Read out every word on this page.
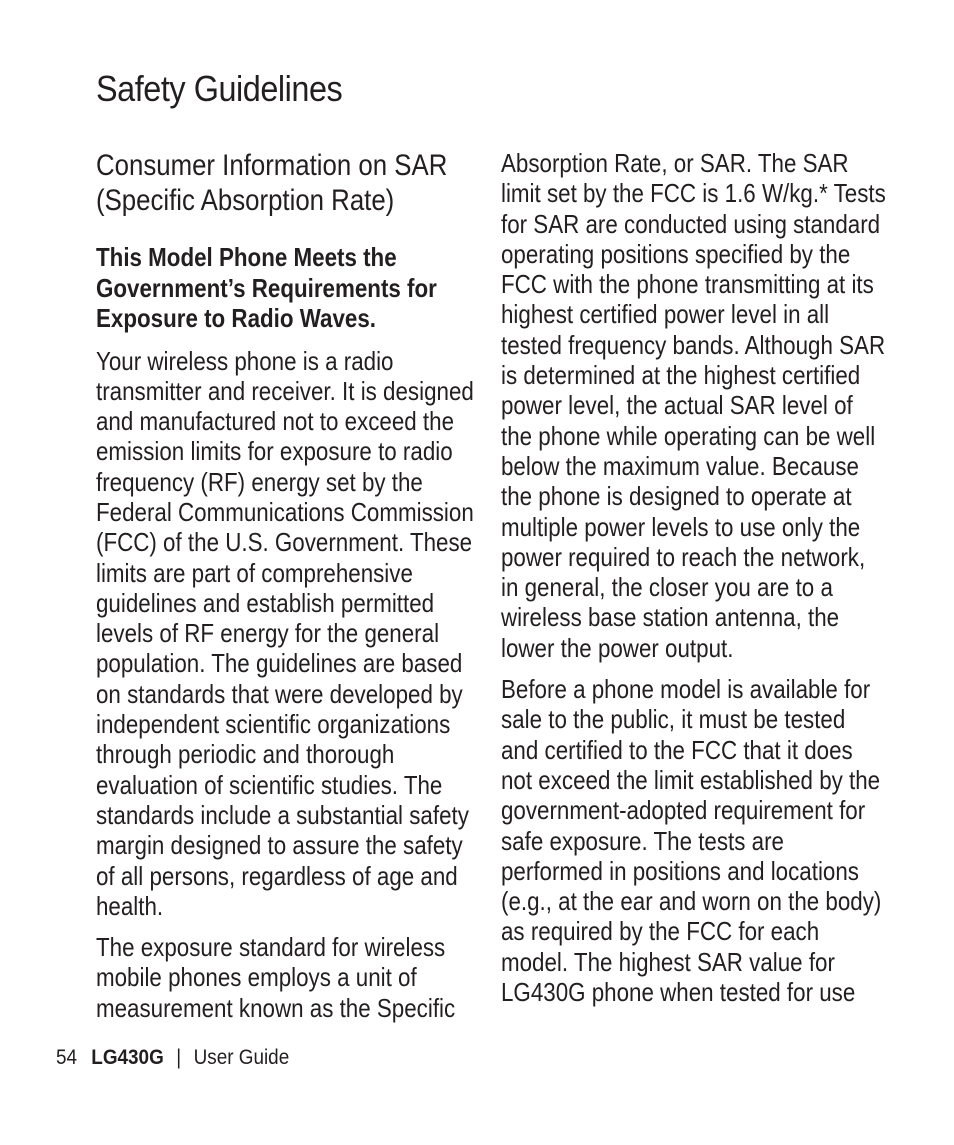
Safety Guidelines
Consumer Information on SAR (Specific Absorption Rate)
This Model Phone Meets the Government’s Requirements for Exposure to Radio Waves.

Your wireless phone is a radio transmitter and receiver. It is designed and manufactured not to exceed the emission limits for exposure to radio frequency (RF) energy set by the Federal Communications Commission (FCC) of the U.S. Government. These limits are part of comprehensive guidelines and establish permitted levels of RF energy for the general population. The guidelines are based on standards that were developed by independent scientific organizations through periodic and thorough evaluation of scientific studies. The standards include a substantial safety margin designed to assure the safety of all persons, regardless of age and health.

The exposure standard for wireless mobile phones employs a unit of measurement known as the Specific

Absorption Rate, or SAR. The SAR limit set by the FCC is 1.6 W/kg.* Tests for SAR are conducted using standard operating positions specified by the FCC with the phone transmitting at its highest certified power level in all tested frequency bands. Although SAR is determined at the highest certified power level, the actual SAR level of the phone while operating can be well below the maximum value. Because the phone is designed to operate at multiple power levels to use only the power required to reach the network, in general, the closer you are to a wireless base station antenna, the lower the power output.

Before a phone model is available for sale to the public, it must be tested and certified to the FCC that it does not exceed the limit established by the government-adopted requirement for safe exposure. The tests are performed in positions and locations (e.g., at the ear and worn on the body) as required by the FCC for each model. The highest SAR value for LG430G phone when tested for use

54 LG430G | User Guide
